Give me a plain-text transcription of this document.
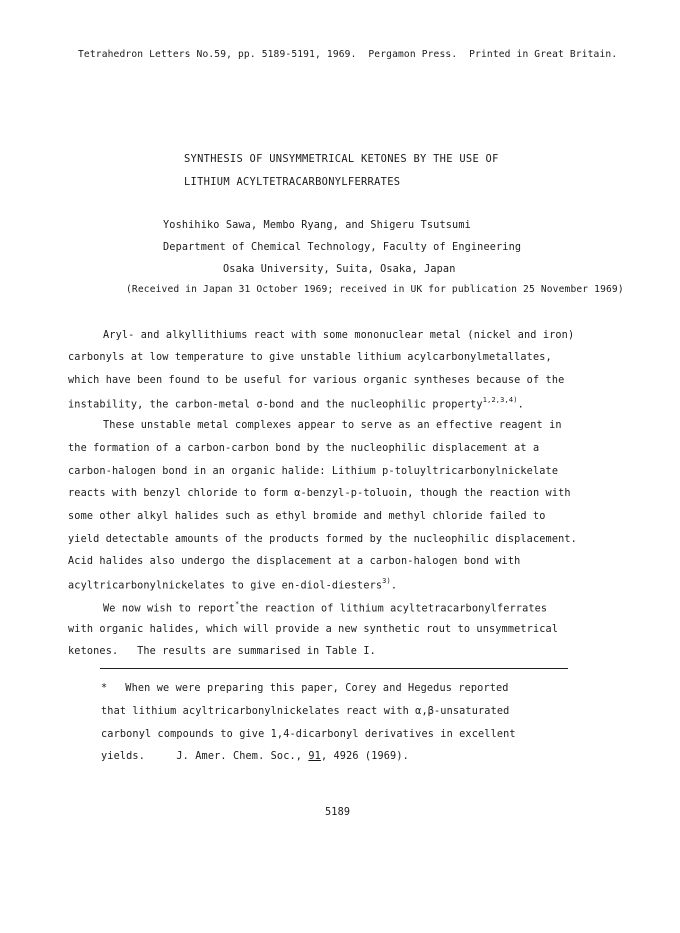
Tetrahedron Letters No.59, pp. 5189-5191, 1969.  Pergamon Press.  Printed in Great Britain.
SYNTHESIS OF UNSYMMETRICAL KETONES BY THE USE OF
LITHIUM ACYLTETRACARBONYLFERRATES
Yoshihiko Sawa, Membo Ryang, and Shigeru Tsutsumi
Department of Chemical Technology, Faculty of Engineering
Osaka University, Suita, Osaka, Japan
(Received in Japan 31 October 1969; received in UK for publication 25 November 1969)
Aryl- and alkyllithiums react with some mononuclear metal (nickel and iron)
carbonyls at low temperature to give unstable lithium acylcarbonylmetallates,
which have been found to be useful for various organic syntheses because of the
instability, the carbon-metal σ-bond and the nucleophilic property$^{1,2,3,4)}$.
These unstable metal complexes appear to serve as an effective reagent in
the formation of a carbon-carbon bond by the nucleophilic displacement at a
carbon-halogen bond in an organic halide: Lithium p-toluyltricarbonylnickelate
reacts with benzyl chloride to form α-benzyl-p-toluoin, though the reaction with
some other alkyl halides such as ethyl bromide and methyl chloride failed to
yield detectable amounts of the products formed by the nucleophilic displacement.
Acid halides also undergo the displacement at a carbon-halogen bond with
acyltricarbonylnickelates to give en-diol-diesters$^{3)}$.
We now wish to report*the reaction of lithium acyltetracarbonylferrates
with organic halides, which will provide a new synthetic rout to unsymmetrical
ketones.   The results are summarised in Table I.
* When we were preparing this paper, Corey and Hegedus reported
that lithium acyltricarbonylnickelates react with α,β-unsaturated
carbonyl compounds to give 1,4-dicarbonyl derivatives in excellent
yields.     J. Amer. Chem. Soc., 91, 4926 (1969).
5189
